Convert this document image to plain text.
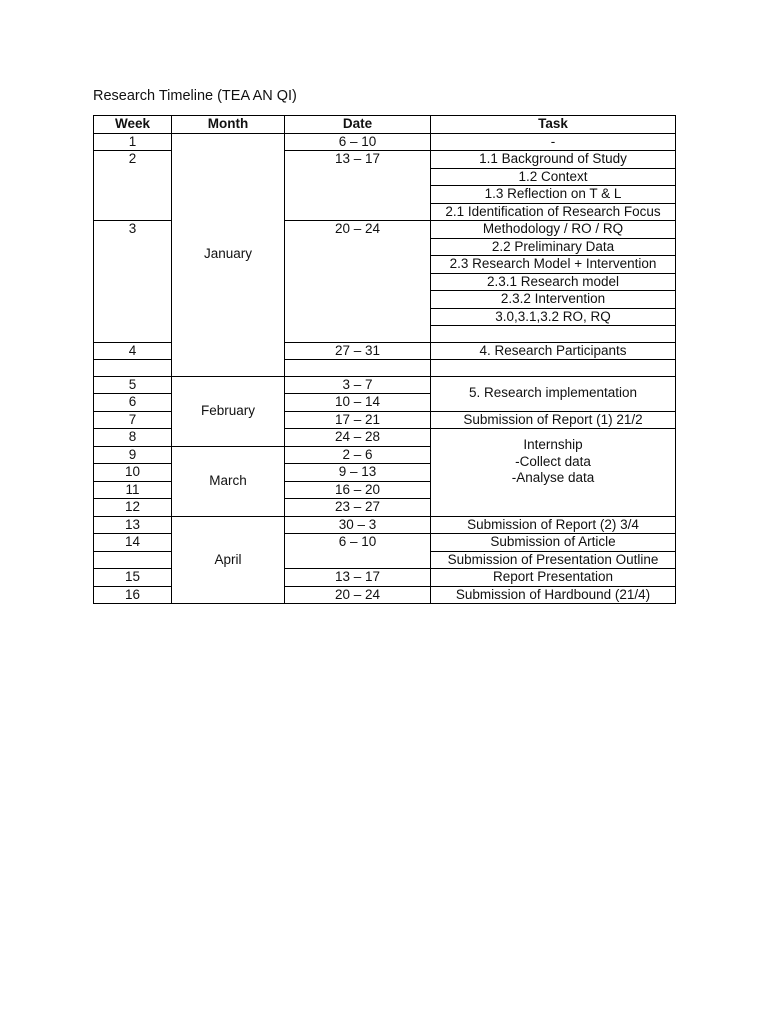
Research Timeline (TEA AN QI)
Week	Month	Date	Task
1	January	6 – 10	-
2		13 – 17	1.1 Background of Study
			1.2 Context
			1.3 Reflection on T & L
			2.1 Identification of Research Focus
3		20 – 24	Methodology / RO / RQ
			2.2 Preliminary Data
			2.3 Research Model + Intervention
			2.3.1 Research model
			2.3.2 Intervention
			3.0,3.1,3.2 RO, RQ

4		27 – 31	4. Research Participants

5	February	3 – 7	5. Research implementation
6		10 – 14	
7		17 – 21	Submission of Report (1) 21/2
8		24 – 28	Internship
-Collect data
-Analyse data

9	March	2 – 6	
10		9 – 13	
11		16 – 20	
12		23 – 27	
13	April	30 – 3	Submission of Report (2) 3/4
14		6 – 10	Submission of Article
			Submission of Presentation Outline

15		13 – 17	Report Presentation
16		20 – 24	Submission of Hardbound (21/4)
